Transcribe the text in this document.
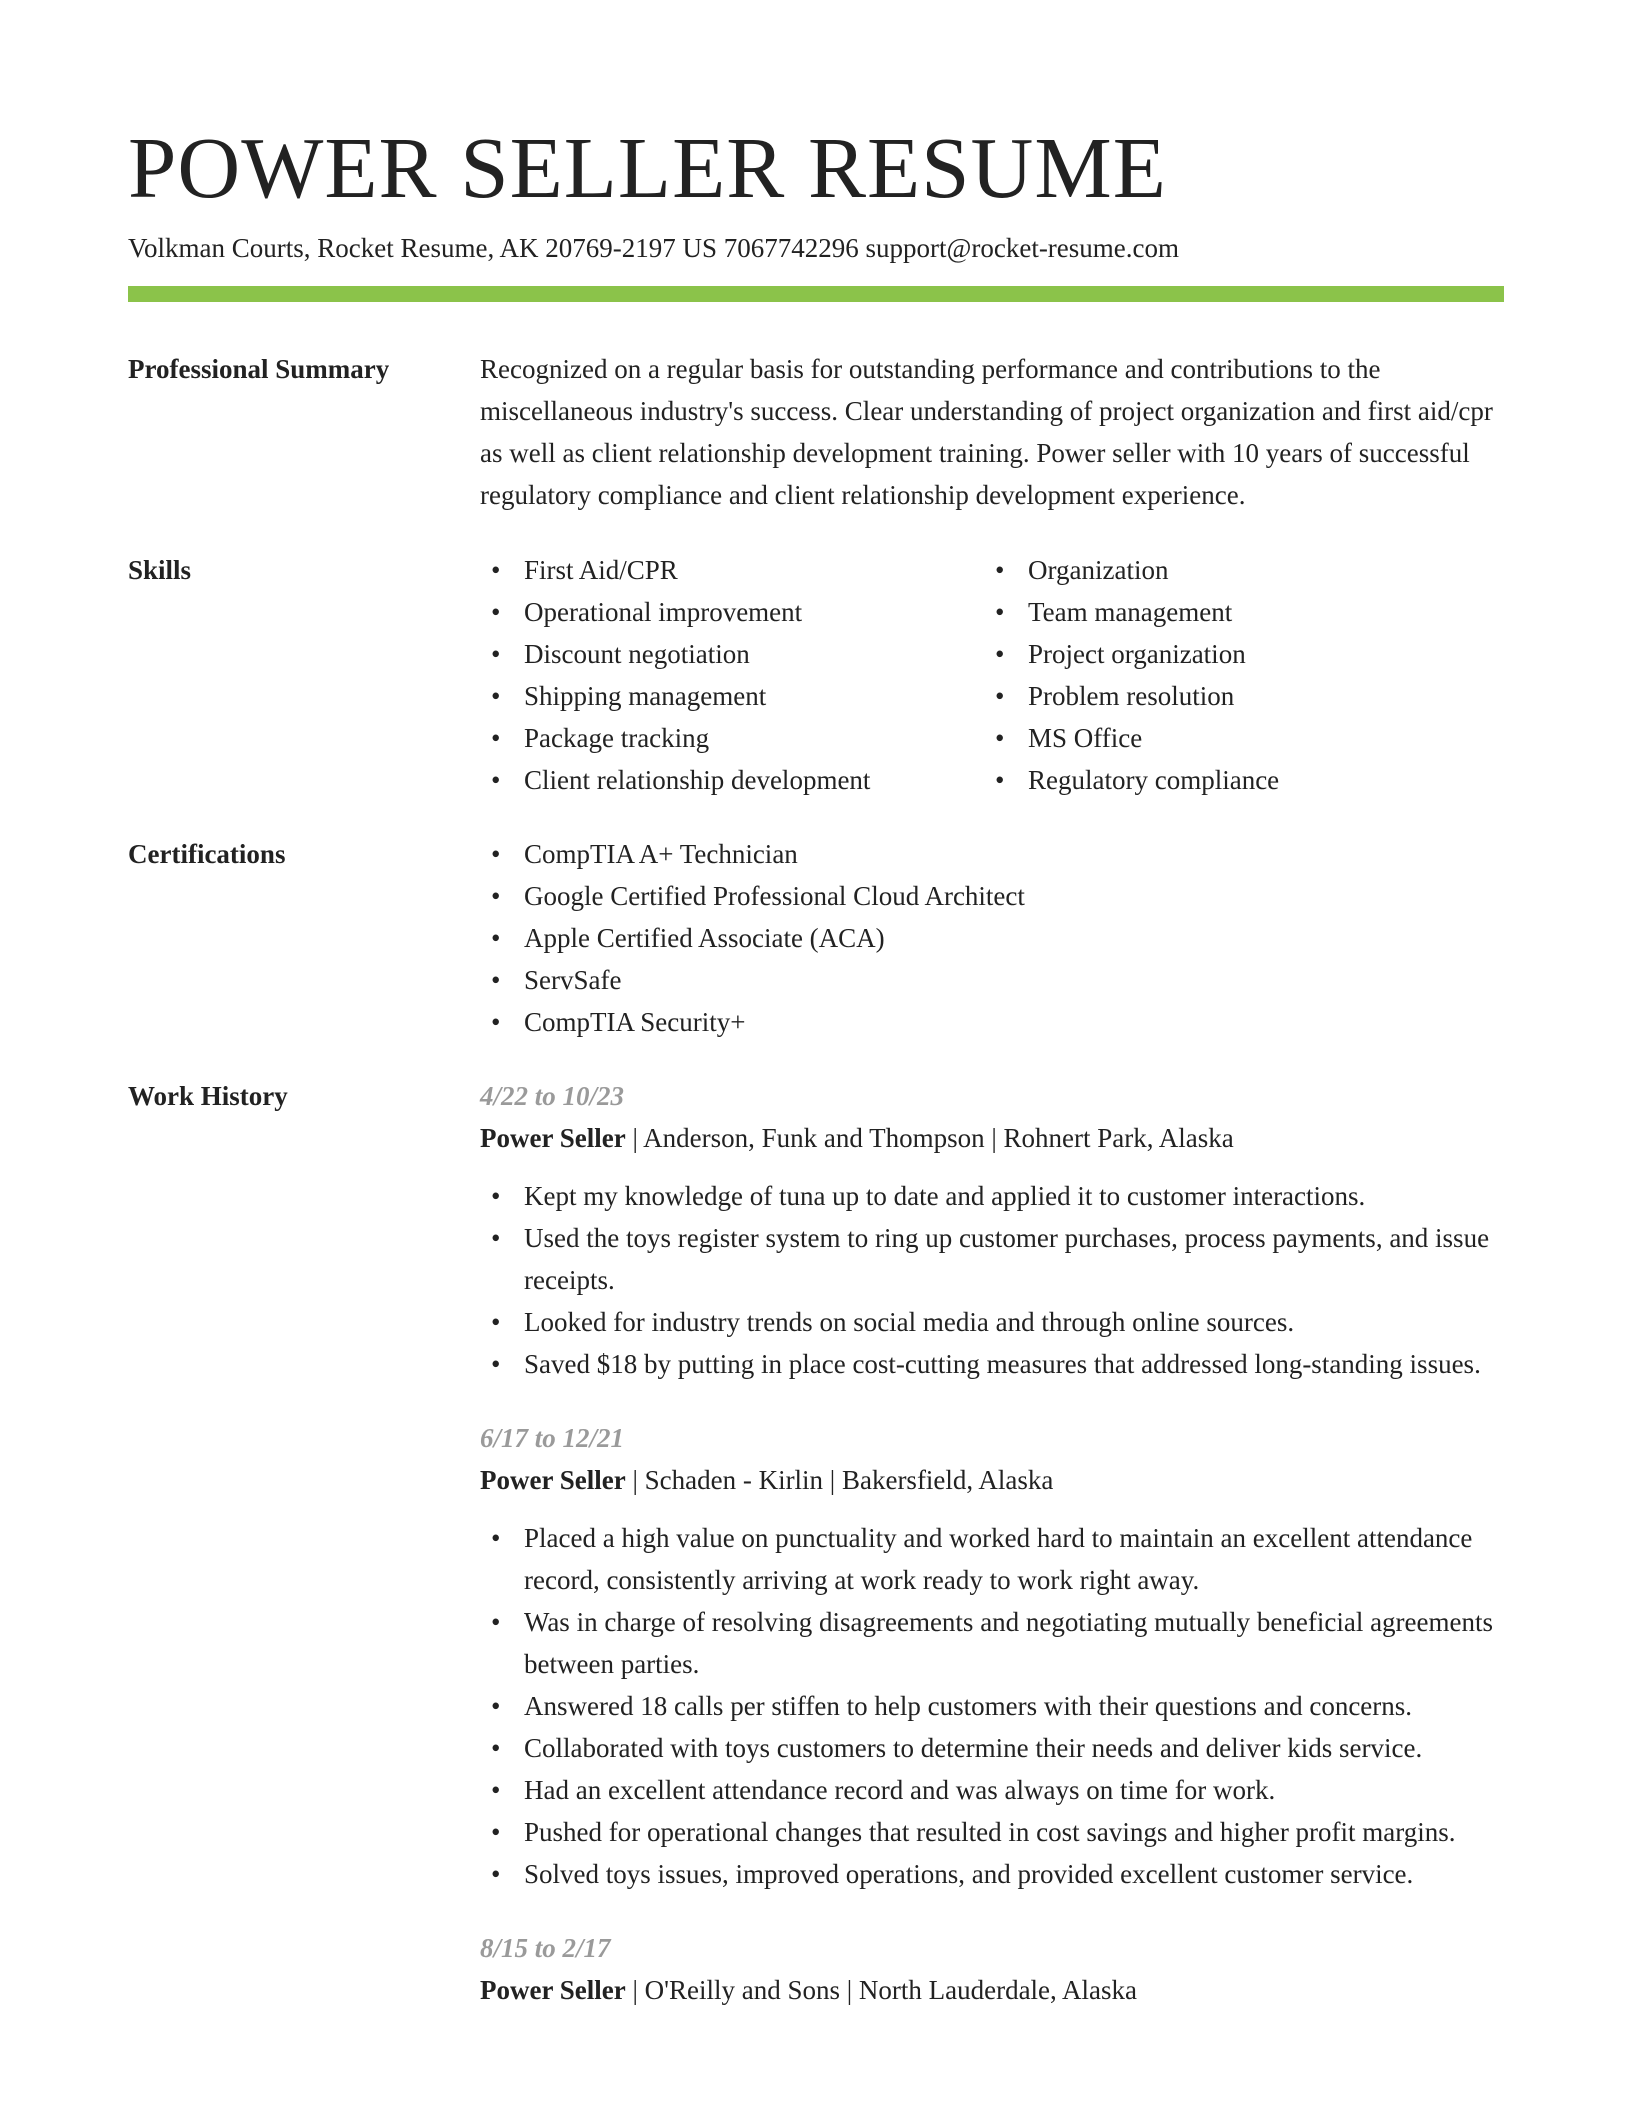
POWER SELLER RESUME
Volkman Courts, Rocket Resume, AK 20769-2197 US 7067742296 support@rocket-resume.com
Professional Summary	Recognized on a regular basis for outstanding performance and contributions to the miscellaneous industry's success. Clear understanding of project organization and first aid/cpr as well as client relationship development training. Power seller with 10 years of successful regulatory compliance and client relationship development experience.

Skills	• First Aid/CPR
• Operational improvement
• Discount negotiation
• Shipping management
• Package tracking
• Client relationship development
• Organization
• Team management
• Project organization
• Problem resolution
• MS Office
• Regulatory compliance
Certifications	• CompTIA A+ Technician
• Google Certified Professional Cloud Architect
• Apple Certified Associate (ACA)
• ServSafe
• CompTIA Security+
Work History	4/22 to 10/23

Power Seller | Anderson, Funk and Thompson | Rohnert Park, Alaska

• Kept my knowledge of tuna up to date and applied it to customer interactions.
• Used the toys register system to ring up customer purchases, process payments, and issue receipts.
• Looked for industry trends on social media and through online sources.
• Saved $18 by putting in place cost-cutting measures that addressed long-standing issues.

6/17 to 12/21

Power Seller | Schaden - Kirlin | Bakersfield, Alaska

• Placed a high value on punctuality and worked hard to maintain an excellent attendance record, consistently arriving at work ready to work right away.
• Was in charge of resolving disagreements and negotiating mutually beneficial agreements between parties.
• Answered 18 calls per stiffen to help customers with their questions and concerns.
• Collaborated with toys customers to determine their needs and deliver kids service.
• Had an excellent attendance record and was always on time for work.
• Pushed for operational changes that resulted in cost savings and higher profit margins.
• Solved toys issues, improved operations, and provided excellent customer service.

8/15 to 2/17

Power Seller | O'Reilly and Sons | North Lauderdale, Alaska
